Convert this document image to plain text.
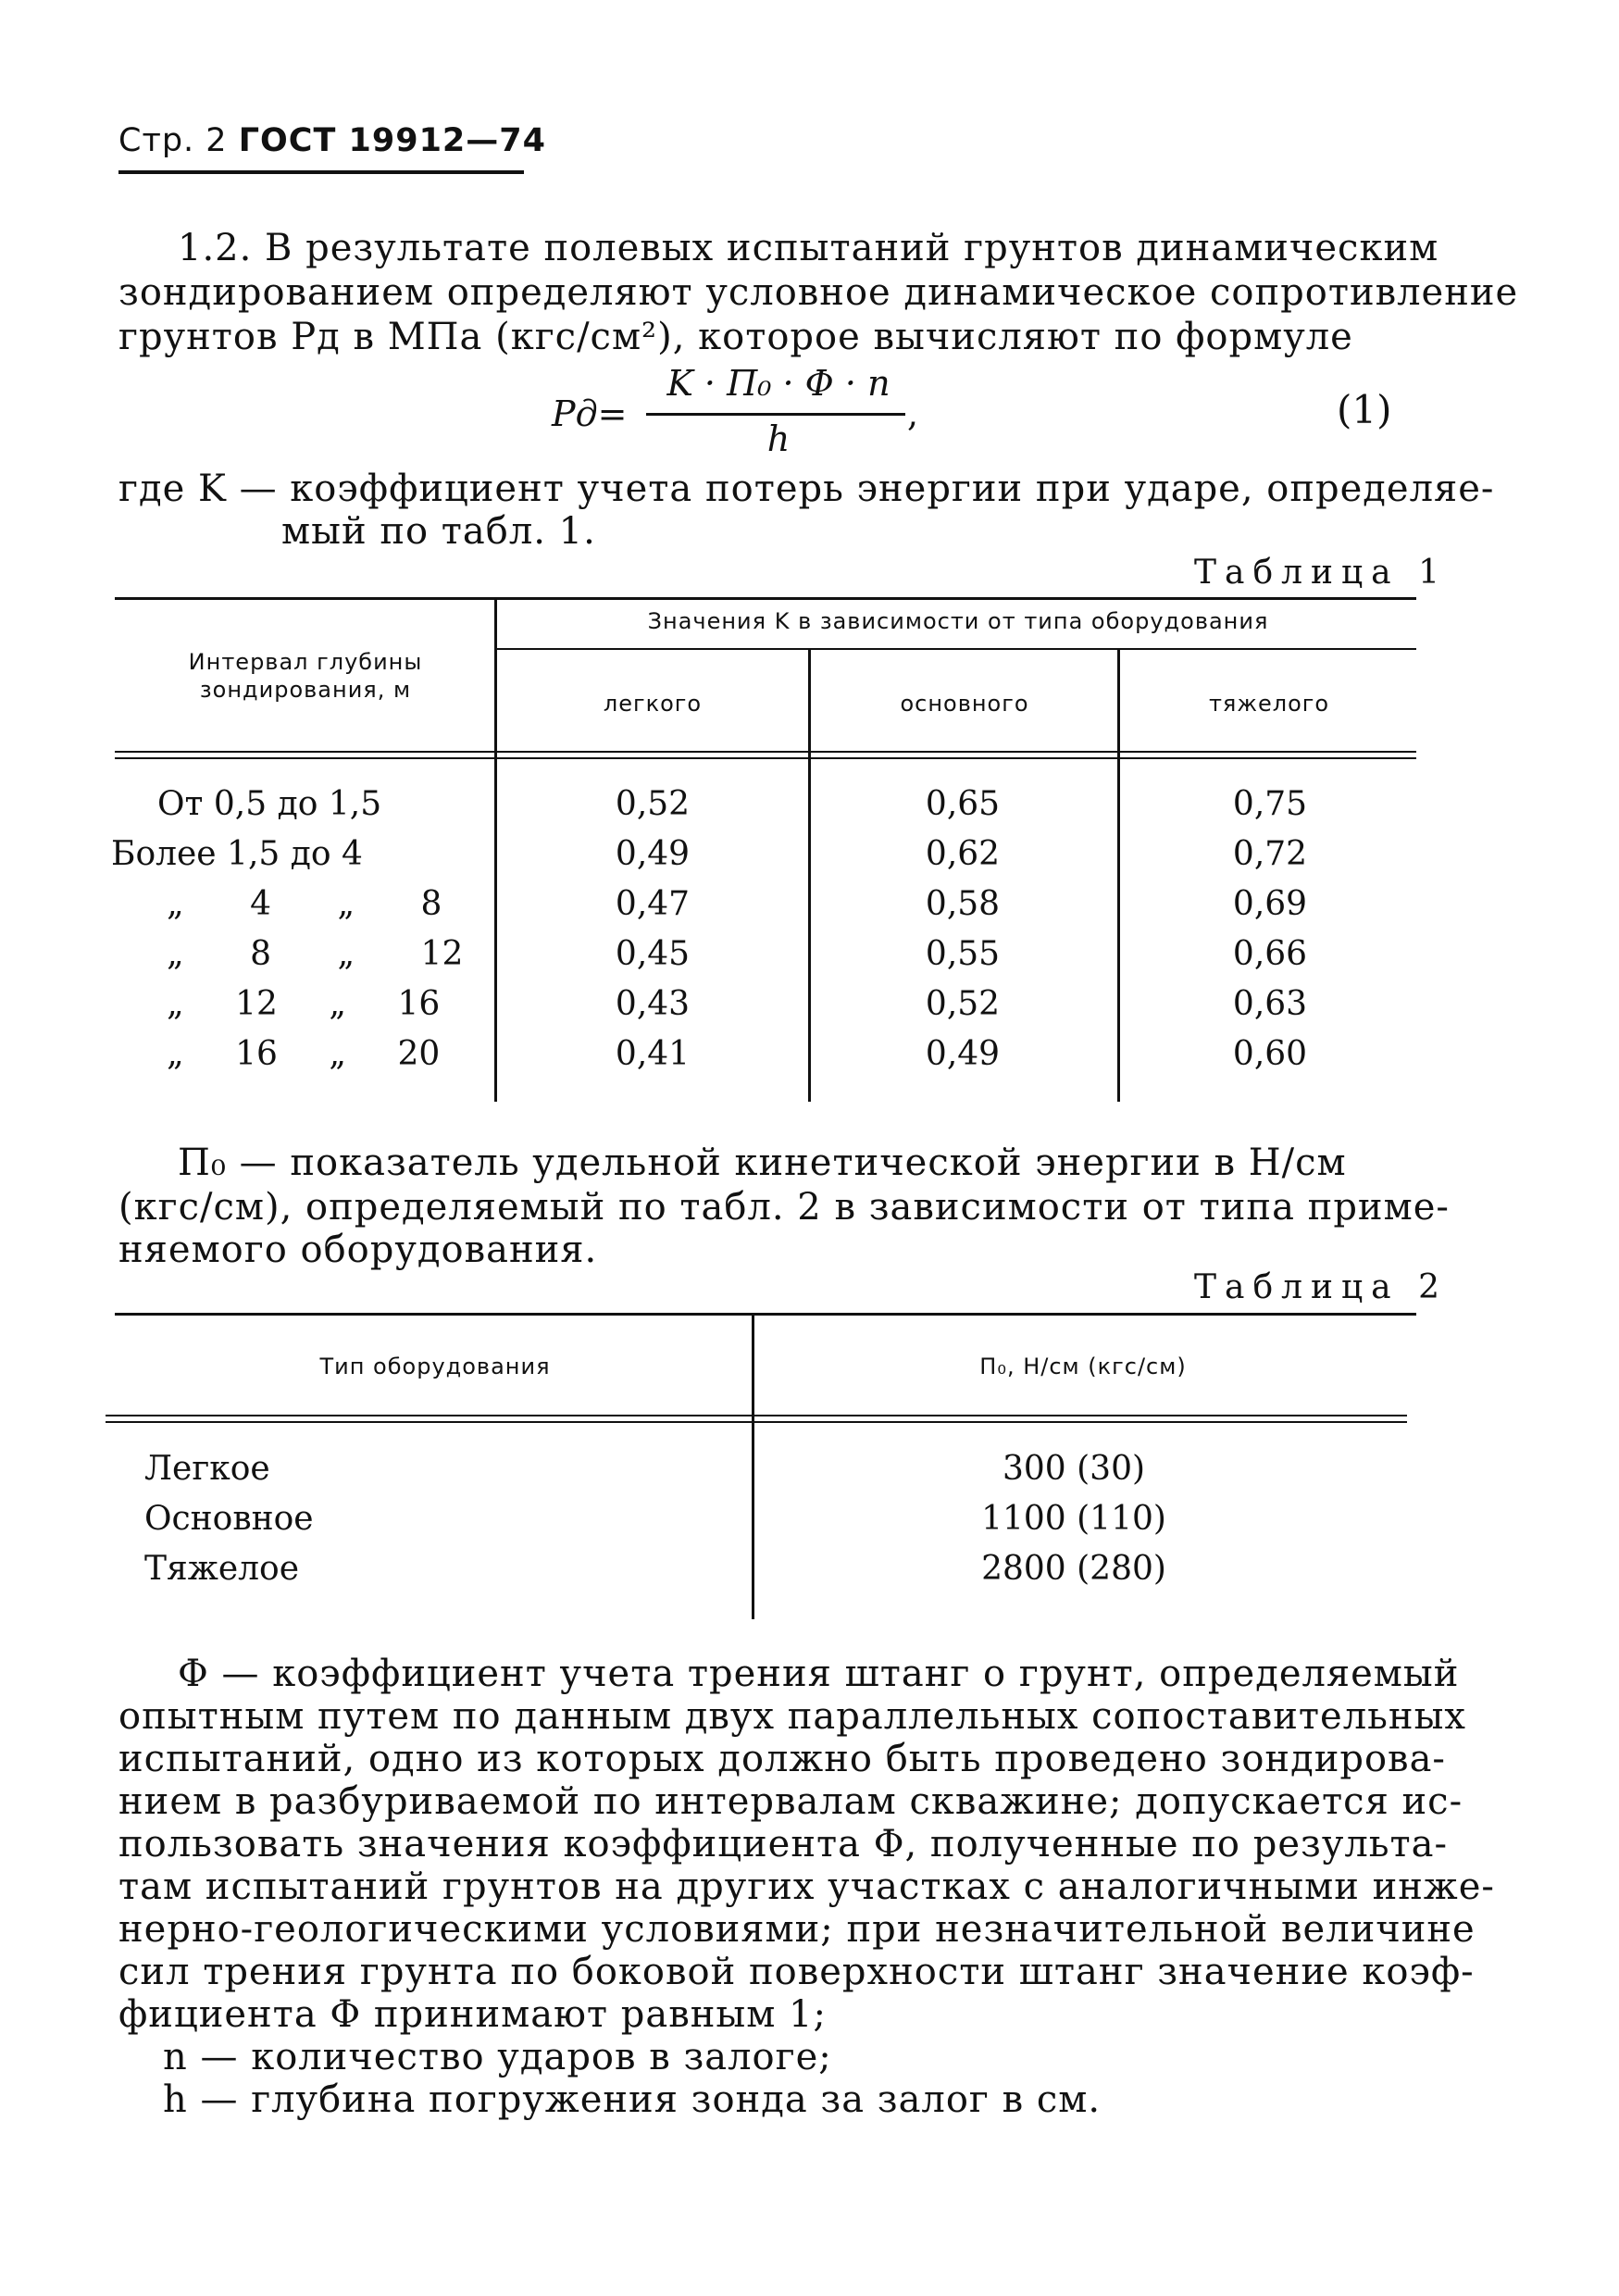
Стр. 2 ГОСТ 19912—74
1.2. В результате полевых испытаний грунтов динамическим
зондированием определяют условное динамическое сопротивление
грунтов Pд в МПа (кгс/см²), которое вычисляют по формуле
Pд=
K · П₀ · Φ · n
h
,	(1)
где K — коэффициент учета потерь энергии при ударе, определяе-
мый по табл. 1.
Таблица 1
Интервал глубины
зондирования, м
Значения K в зависимости от типа оборудования
легкого	основного	тяжелого
От 0,5 до 1,5	0,52	0,65	0,75
Более 1,5 до 4	0,49	0,62	0,72
„ 4 „ 8	0,47	0,58	0,69
„ 8 „ 12	0,45	0,55	0,66
„ 12 „ 16	0,43	0,52	0,63
„ 16 „ 20	0,41	0,49	0,60
П₀ — показатель удельной кинетической энергии в Н/см
(кгс/см), определяемый по табл. 2 в зависимости от типа приме-
няемого оборудования.
Таблица 2
Тип оборудования	П₀, Н/см (кгс/см)
Легкое	300 (30)
Основное	1100 (110)
Тяжелое	2800 (280)
Φ — коэффициент учета трения штанг о грунт, определяемый
опытным путем по данным двух параллельных сопоставительных
испытаний, одно из которых должно быть проведено зондирова-
нием в разбуриваемой по интервалам скважине; допускается ис-
пользовать значения коэффициента Φ, полученные по результа-
там испытаний грунтов на других участках с аналогичными инже-
нерно-геологическими условиями; при незначительной величине
сил трения грунта по боковой поверхности штанг значение коэф-
фициента Φ принимают равным 1;
n — количество ударов в залоге;
h — глубина погружения зонда за залог в см.
